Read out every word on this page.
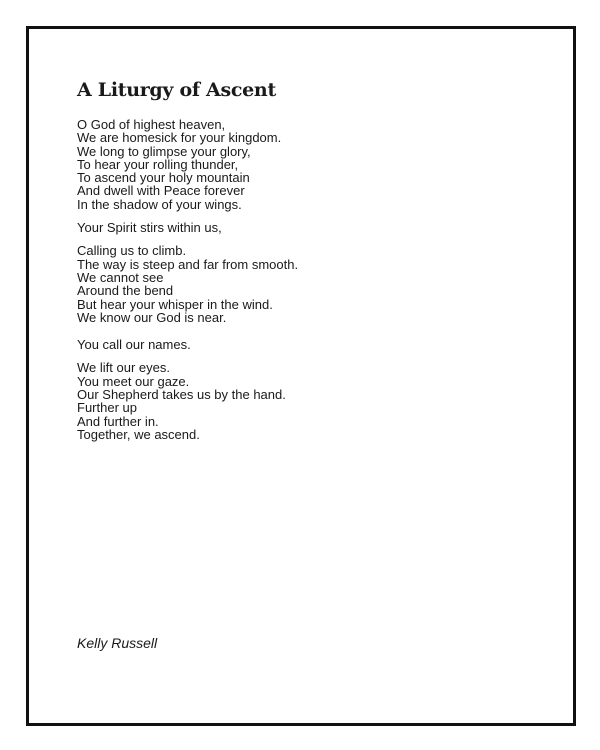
A Liturgy of Ascent

O God of highest heaven,
We are homesick for your kingdom.
We long to glimpse your glory,
To hear your rolling thunder,
To ascend your holy mountain
And dwell with Peace forever
In the shadow of your wings.

Your Spirit stirs within us,

Calling us to climb.
The way is steep and far from smooth.
We cannot see
Around the bend
But hear your whisper in the wind.
We know our God is near.

You call our names.

We lift our eyes.
You meet our gaze.
Our Shepherd takes us by the hand.
Further up
And further in.
Together, we ascend.

Kelly Russell
